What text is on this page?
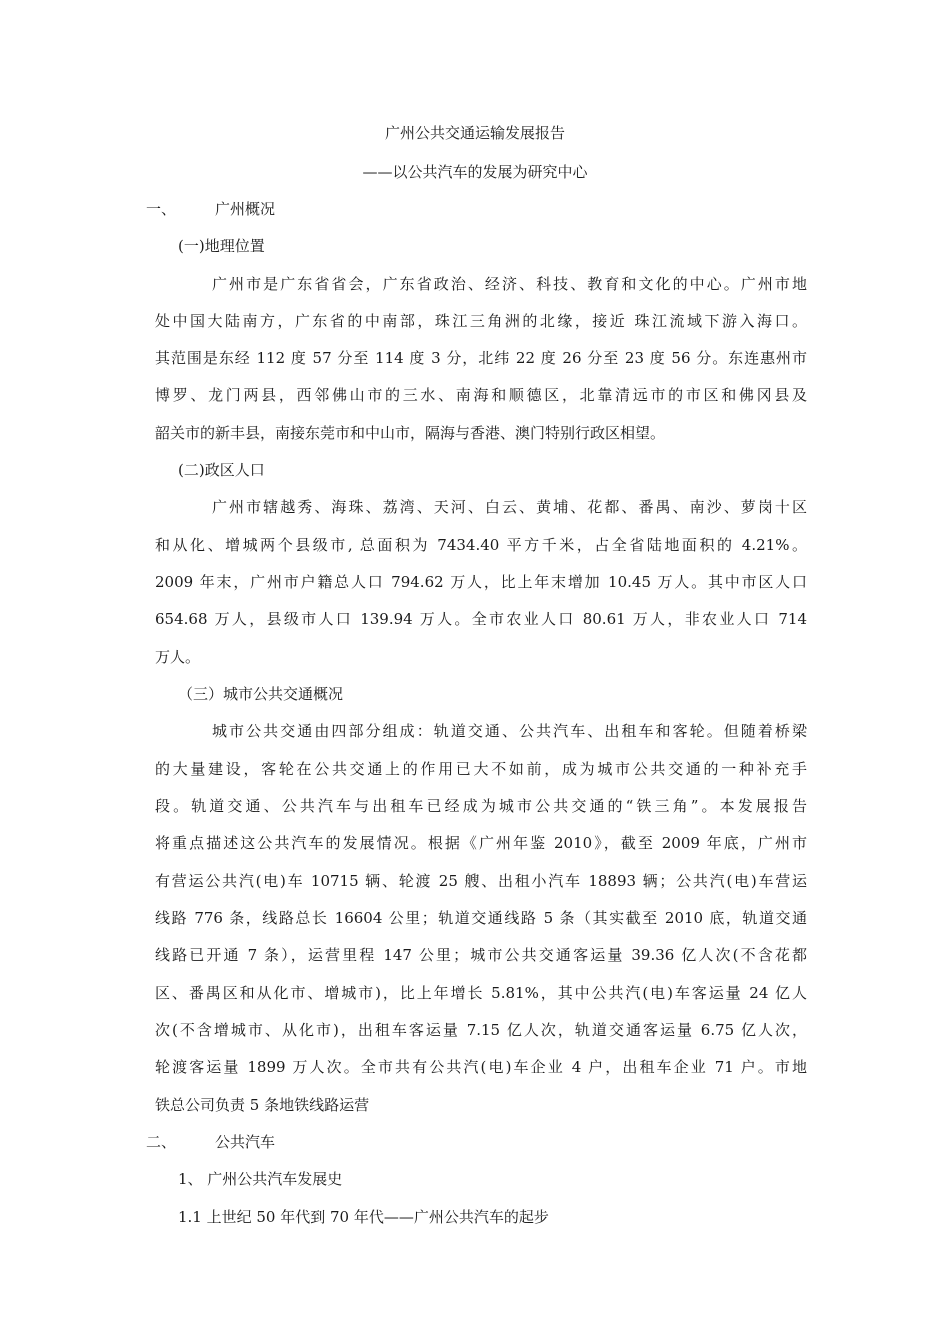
广州公共交通运输发展报告
——以公共汽车的发展为研究中心
一、	广州概况
(一)地理位置
广州市是广东省省会，广东省政治、经济、科技、教育和文化的中心。广州市地
处中国大陆南方，广东省的中南部，珠江三角洲的北缘，接近 珠江流域下游入海口。
其范围是东经 112 度 57 分至 114 度 3 分，北纬 22 度 26 分至 23 度 56 分。东连惠州市
博罗、龙门两县，西邻佛山市的三水、南海和顺德区，北靠清远市的市区和佛冈县及
韶关市的新丰县，南接东莞市和中山市，隔海与香港、澳门特别行政区相望。
(二)政区人口
广州市辖越秀、海珠、荔湾、天河、白云、黄埔、花都、番禺、南沙、萝岗十区
和从化、增城两个县级市, 总面积为 7434.40 平方千米，占全省陆地面积的 4.21%。
2009 年末，广州市户籍总人口 794.62 万人，比上年末增加 10.45 万人。其中市区人口
654.68 万人，县级市人口 139.94 万人。全市农业人口 80.61 万人，非农业人口 714
万人。
（三）城市公共交通概况
城市公共交通由四部分组成：轨道交通、公共汽车、出租车和客轮。但随着桥梁
的大量建设，客轮在公共交通上的作用已大不如前，成为城市公共交通的一种补充手
段。轨道交通、公共汽车与出租车已经成为城市公共交通的“铁三角”。本发展报告
将重点描述这公共汽车的发展情况。根据《广州年鉴 2010》，截至 2009 年底，广州市
有营运公共汽(电)车 10715 辆、轮渡 25 艘、出租小汽车 18893 辆；公共汽(电)车营运
线路 776 条，线路总长 16604 公里；轨道交通线路 5 条（其实截至 2010 底，轨道交通
线路已开通 7 条），运营里程 147 公里；城市公共交通客运量 39.36 亿人次(不含花都
区、番禺区和从化市、增城市)，比上年增长 5.81%，其中公共汽(电)车客运量 24 亿人
次(不含增城市、从化市)，出租车客运量 7.15 亿人次，轨道交通客运量 6.75 亿人次，
轮渡客运量 1899 万人次。全市共有公共汽(电)车企业 4 户，出租车企业 71 户。市地
铁总公司负责 5 条地铁线路运营
二、	公共汽车
1、 广州公共汽车发展史
1.1 上世纪 50 年代到 70 年代——广州公共汽车的起步
